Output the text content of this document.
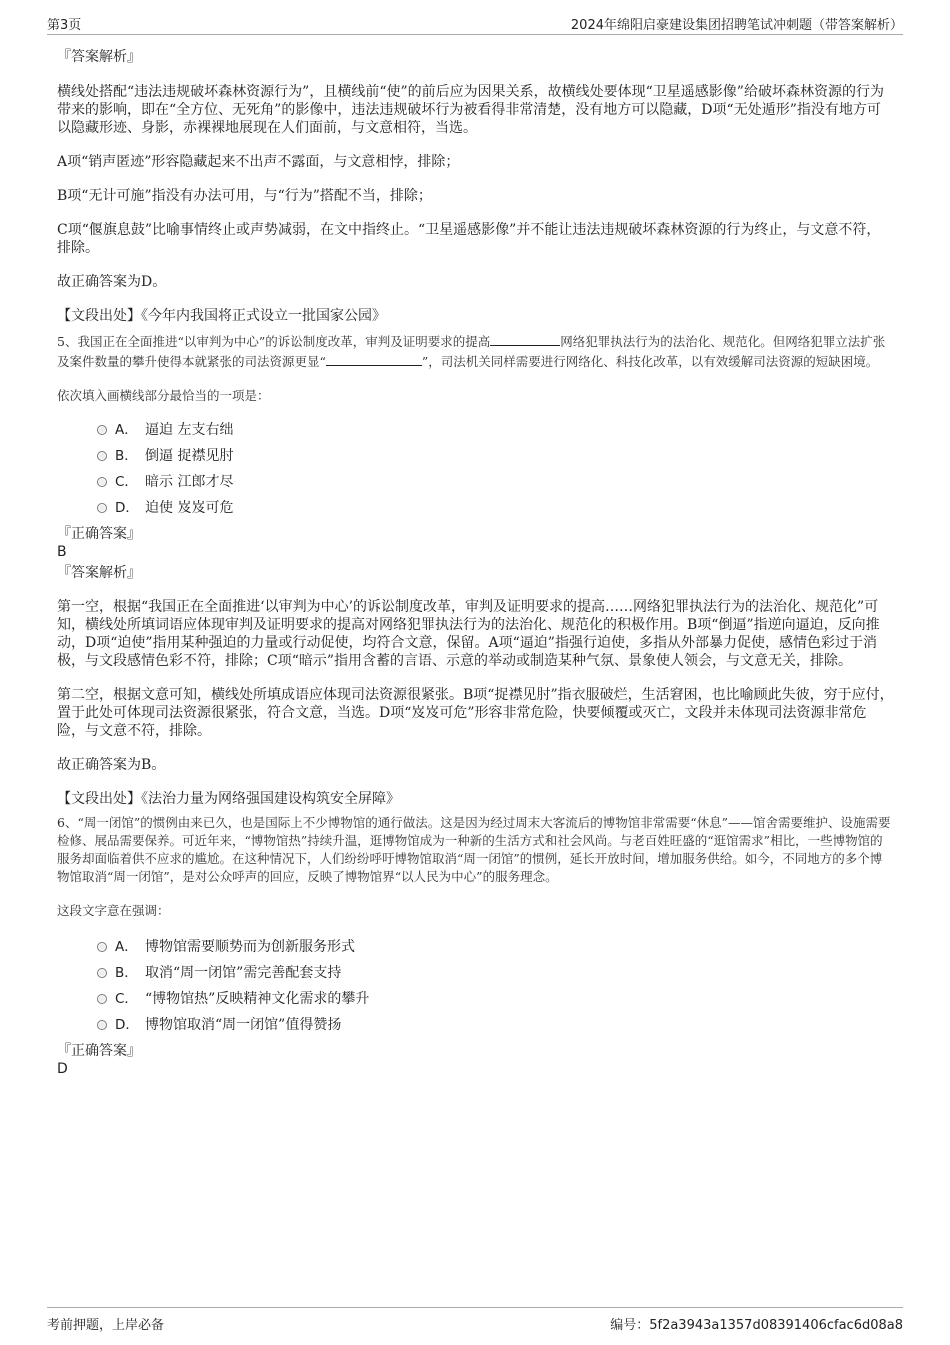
第3页	2024年绵阳启豪建设集团招聘笔试冲刺题（带答案解析）

『答案解析』

横线处搭配“违法违规破坏森林资源行为”，且横线前“使”的前后应为因果关系，故横线处要体现“卫星遥感影像”给破坏森林资源的行为带来的影响，即在“全方位、无死角”的影像中，违法违规破坏行为被看得非常清楚，没有地方可以隐藏，D项“无处遁形”指没有地方可以隐藏形迹、身影，赤裸裸地展现在人们面前，与文意相符，当选。

A项“销声匿迹”形容隐藏起来不出声不露面，与文意相悖，排除；

B项“无计可施”指没有办法可用，与“行为”搭配不当，排除；

C项“偃旗息鼓”比喻事情终止或声势减弱，在文中指终止。“卫星遥感影像”并不能让违法违规破坏森林资源的行为终止，与文意不符，排除。

故正确答案为D。

【文段出处】《今年内我国将正式设立一批国家公园》

5、我国正在全面推进“以审判为中心”的诉讼制度改革，审判及证明要求的提高	网络犯罪执法行为的法治化、规范化。但网络犯罪立法扩张及案件数量的攀升使得本就紧张的司法资源更显“	”，司法机关同样需要进行网络化、科技化改革，以有效缓解司法资源的短缺困境。

依次填入画横线部分最恰当的一项是：

A． 逼迫 左支右绌
B． 倒逼 捉襟见肘
C． 暗示 江郎才尽
D． 迫使 岌岌可危

『正确答案』

B

『答案解析』

第一空，根据“我国正在全面推进‘以审判为中心’的诉讼制度改革，审判及证明要求的提高……网络犯罪执法行为的法治化、规范化”可知，横线处所填词语应体现审判及证明要求的提高对网络犯罪执法行为的法治化、规范化的积极作用。B项“倒逼”指逆向逼迫，反向推动，D项“迫使”指用某种强迫的力量或行动促使，均符合文意，保留。A项“逼迫”指强行迫使，多指从外部暴力促使，感情色彩过于消极，与文段感情色彩不符，排除；C项“暗示”指用含蓄的言语、示意的举动或制造某种气氛、景象使人领会，与文意无关，排除。

第二空，根据文意可知，横线处所填成语应体现司法资源很紧张。B项“捉襟见肘”指衣服破烂，生活窘困，也比喻顾此失彼，穷于应付，置于此处可体现司法资源很紧张，符合文意，当选。D项“岌岌可危”形容非常危险，快要倾覆或灭亡，文段并未体现司法资源非常危险，与文意不符，排除。

故正确答案为B。

【文段出处】《法治力量为网络强国建设构筑安全屏障》

6、“周一闭馆”的惯例由来已久，也是国际上不少博物馆的通行做法。这是因为经过周末大客流后的博物馆非常需要“休息”——馆舍需要维护、设施需要检修、展品需要保养。可近年来，“博物馆热”持续升温，逛博物馆成为一种新的生活方式和社会风尚。与老百姓旺盛的“逛馆需求”相比，一些博物馆的服务却面临着供不应求的尴尬。在这种情况下，人们纷纷呼吁博物馆取消“周一闭馆”的惯例，延长开放时间，增加服务供给。如今，不同地方的多个博物馆取消“周一闭馆”，是对公众呼声的回应，反映了博物馆界“以人民为中心”的服务理念。

这段文字意在强调：

A． 博物馆需要顺势而为创新服务形式
B． 取消“周一闭馆”需完善配套支持
C． “博物馆热”反映精神文化需求的攀升
D． 博物馆取消“周一闭馆”值得赞扬

『正确答案』

D

考前押题，上岸必备	编号：5f2a3943a1357d08391406cfac6d08a8
